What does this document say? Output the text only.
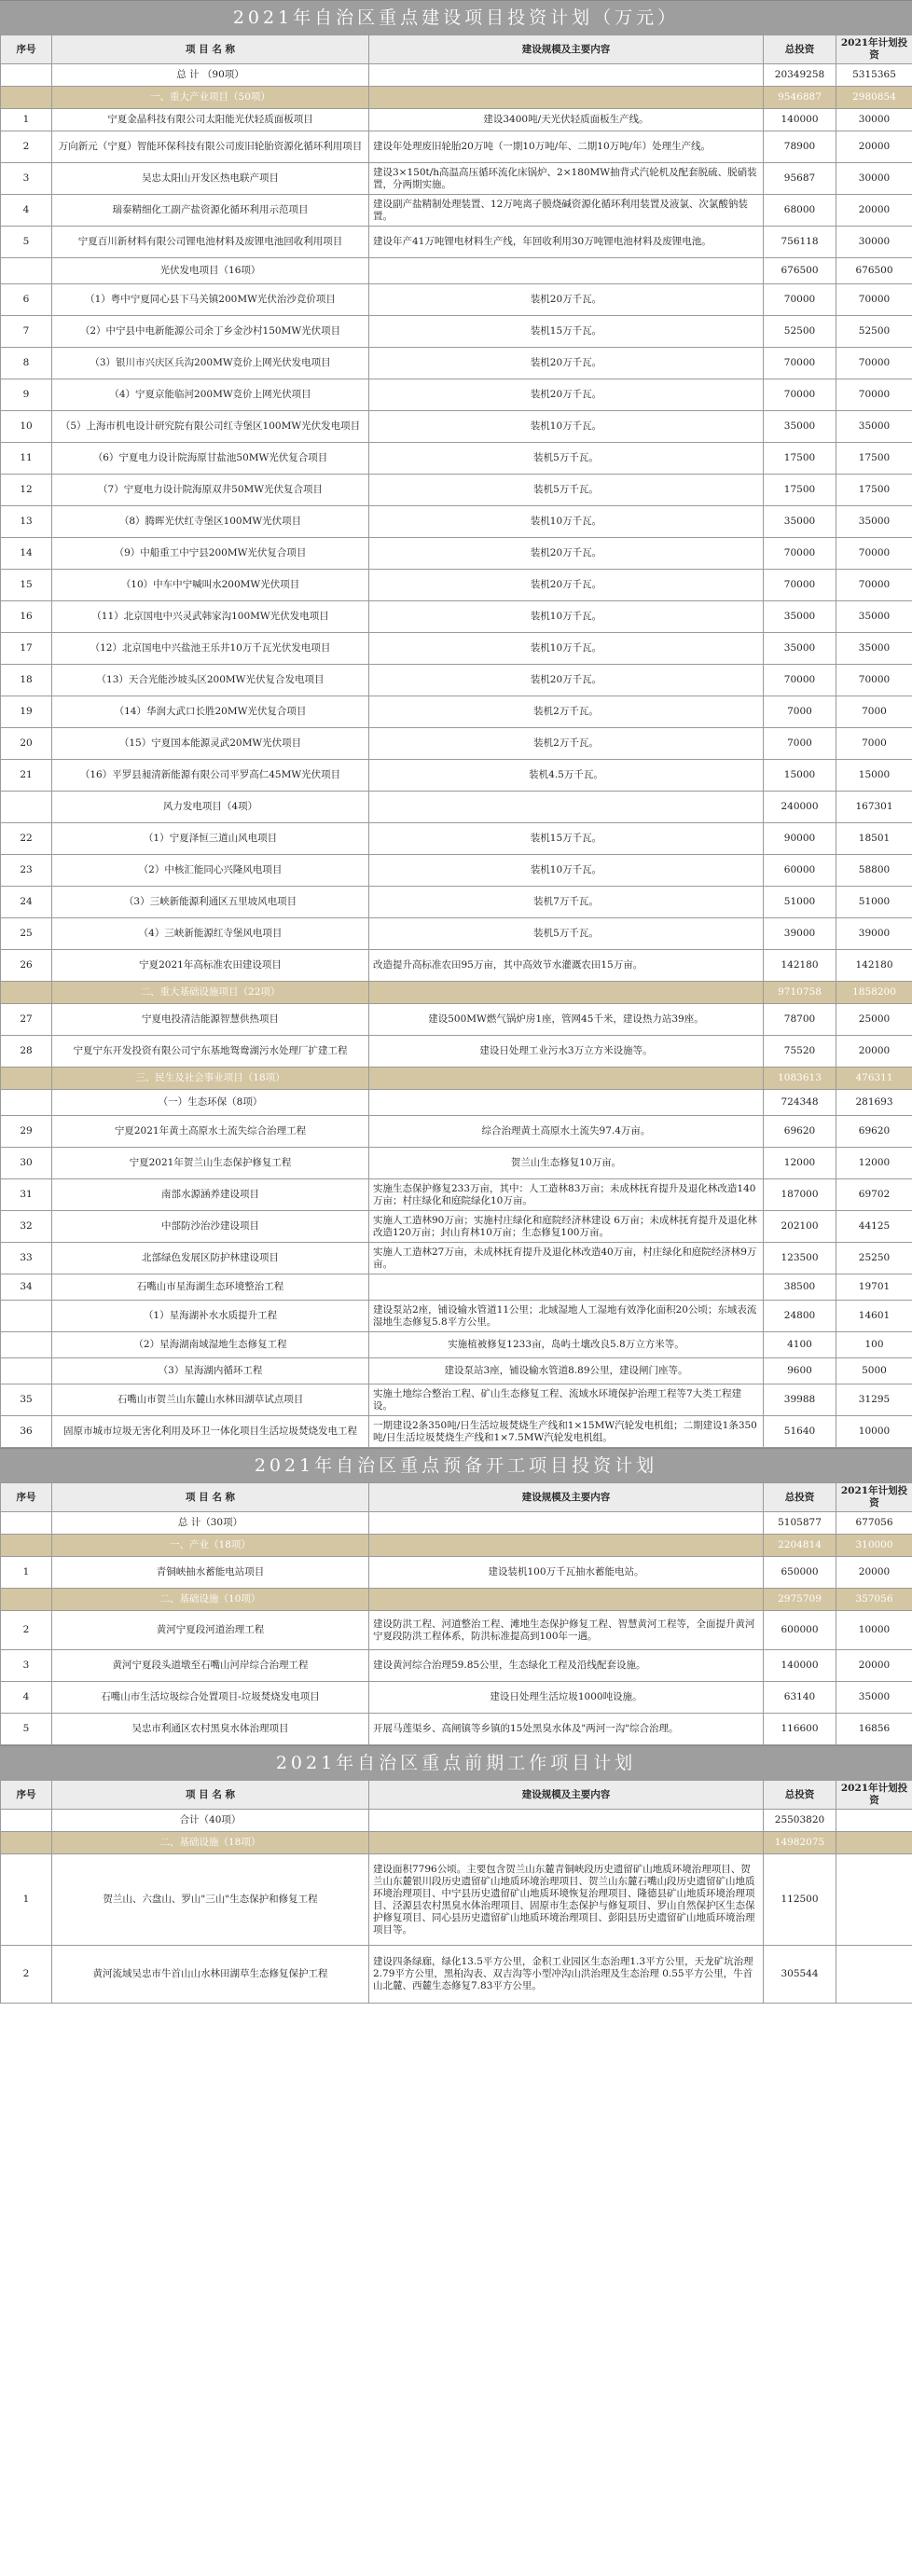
2021年自治区重点建设项目投资计划（万元）
序号	项 目 名 称	建设规模及主要内容	总投资	2021年计划投资
	总 计 （90项）		20349258	5315365
	一、重大产业项目（50项）		9546887	2980854
1	宁夏金晶科技有限公司太阳能光伏轻质面板项目	建设3400吨/天光伏轻质面板生产线。	140000	30000
2	万向新元（宁夏）智能环保科技有限公司废旧轮胎资源化循环利用项目	建设年处理废旧轮胎20万吨（一期10万吨/年、二期10万吨/年）处理生产线。	78900	20000
3	吴忠太阳山开发区热电联产项目	建设3×150t/h高温高压循环流化床锅炉、2×180MW抽背式汽轮机及配套脱硫、脱硝装置，分两期实施。	95687	30000
4	瑞泰精细化工副产盐资源化循环利用示范项目	建设副产盐精制处理装置、12万吨离子膜烧碱资源化循环利用装置及液氯、次氯酸钠装置。	68000	20000
5	宁夏百川新材料有限公司锂电池材料及废锂电池回收利用项目	建设年产41万吨锂电材料生产线，年回收利用30万吨锂电池材料及废锂电池。	756118	30000
	光伏发电项目（16项）		676500	676500
6	（1）粤中宁夏同心县下马关镇200MW光伏治沙竞价项目	装机20万千瓦。	70000	70000
7	（2）中宁县中电新能源公司余丁乡金沙村150MW光伏项目	装机15万千瓦。	52500	52500
8	（3）银川市兴庆区兵沟200MW竞价上网光伏发电项目	装机20万千瓦。	70000	70000
9	（4）宁夏京能临河200MW竞价上网光伏项目	装机20万千瓦。	70000	70000
10	（5）上海市机电设计研究院有限公司红寺堡区100MW光伏发电项目	装机10万千瓦。	35000	35000
11	（6）宁夏电力设计院海原甘盐池50MW光伏复合项目	装机5万千瓦。	17500	17500
12	（7）宁夏电力设计院海原双井50MW光伏复合项目	装机5万千瓦。	17500	17500
13	（8）腾晖光伏红寺堡区100MW光伏项目	装机10万千瓦。	35000	35000
14	（9）中船重工中宁县200MW光伏复合项目	装机20万千瓦。	70000	70000
15	（10）中车中宁喊叫水200MW光伏项目	装机20万千瓦。	70000	70000
16	（11）北京国电中兴灵武韩家沟100MW光伏发电项目	装机10万千瓦。	35000	35000
17	（12）北京国电中兴盐池王乐井10万千瓦光伏发电项目	装机10万千瓦。	35000	35000
18	（13）天合光能沙坡头区200MW光伏复合发电项目	装机20万千瓦。	70000	70000
19	（14）华润大武口长胜20MW光伏复合项目	装机2万千瓦。	7000	7000
20	（15）宁夏国本能源灵武20MW光伏项目	装机2万千瓦。	7000	7000
21	（16）平罗县昶清新能源有限公司平罗高仁45MW光伏项目	装机4.5万千瓦。	15000	15000
	风力发电项目（4项）		240000	167301
22	（1）宁夏泽恒三道山风电项目	装机15万千瓦。	90000	18501
23	（2）中核汇能同心兴隆风电项目	装机10万千瓦。	60000	58800
24	（3）三峡新能源利通区五里坡风电项目	装机7万千瓦。	51000	51000
25	（4）三峡新能源红寺堡风电项目	装机5万千瓦。	39000	39000
26	宁夏2021年高标准农田建设项目	改造提升高标准农田95万亩，其中高效节水灌溉农田15万亩。	142180	142180
	二、重大基础设施项目（22项）		9710758	1858200
27	宁夏电投清洁能源智慧供热项目	建设500MW燃气锅炉房1座，管网45千米，建设热力站39座。	78700	25000
28	宁夏宁东开发投资有限公司宁东基地鸳鸯湖污水处理厂扩建工程	建设日处理工业污水3万立方米设施等。	75520	20000
	三、民生及社会事业项目（18项）		1083613	476311
	（一）生态环保（8项）		724348	281693
29	宁夏2021年黄土高原水土流失综合治理工程	综合治理黄土高原水土流失97.4万亩。	69620	69620
30	宁夏2021年贺兰山生态保护修复工程	贺兰山生态修复10万亩。	12000	12000
31	南部水源涵养建设项目	实施生态保护修复233万亩，其中：人工造林83万亩；未成林抚育提升及退化林改造140万亩；村庄绿化和庭院绿化10万亩。	187000	69702
32	中部防沙治沙建设项目	实施人工造林90万亩；实施村庄绿化和庭院经济林建设 6万亩；未成林抚育提升及退化林改造120万亩；封山育林10万亩；生态修复100万亩。	202100	44125
33	北部绿色发展区防护林建设项目	实施人工造林27万亩，未成林抚育提升及退化林改造40万亩，村庄绿化和庭院经济林9万亩。	123500	25250
34	石嘴山市星海湖生态环境整治工程		38500	19701
	（1）星海湖补水水质提升工程	建设泵站2座，铺设输水管道11公里；北域湿地人工湿地有效净化面积20公顷；东域表流湿地生态修复5.8平方公里。	24800	14601
	（2）星海湖南域湿地生态修复工程	实施植被修复1233亩，岛屿土壤改良5.8万立方米等。	4100	100
	（3）星海湖内循环工程	建设泵站3座，铺设输水管道8.89公里，建设闸门座等。	9600	5000
35	石嘴山市贺兰山东麓山水林田湖草试点项目	实施土地综合整治工程、矿山生态修复工程、流域水环境保护治理工程等7大类工程建设。	39988	31295
36	固原市城市垃圾无害化利用及环卫一体化项目生活垃圾焚烧发电工程	一期建设2条350吨/日生活垃圾焚烧生产线和1×15MW汽轮发电机组；二期建设1条350吨/日生活垃圾焚烧生产线和1×7.5MW汽轮发电机组。	51640	10000
2021年自治区重点预备开工项目投资计划
序号	项 目 名 称	建设规模及主要内容	总投资	2021年计划投资
	总 计（30项）		5105877	677056
	一、产业（18项）		2204814	310000
1	青铜峡抽水蓄能电站项目	建设装机100万千瓦抽水蓄能电站。	650000	20000
	二、基础设施（10项）		2975709	357056
2	黄河宁夏段河道治理工程	建设防洪工程、河道整治工程、滩地生态保护修复工程、智慧黄河工程等，全面提升黄河宁夏段防洪工程体系，防洪标准提高到100年一遇。	600000	10000
3	黄河宁夏段头道墩至石嘴山河岸综合治理工程	建设黄河综合治理59.85公里，生态绿化工程及沿线配套设施。	140000	20000
4	石嘴山市生活垃圾综合处置项目-垃圾焚烧发电项目	建设日处理生活垃圾1000吨设施。	63140	35000
5	吴忠市利通区农村黑臭水体治理项目	开展马莲渠乡、高闸镇等乡镇的15处黑臭水体及"两河一沟"综合治理。	116600	16856
2021年自治区重点前期工作项目计划
序号	项 目 名 称	建设规模及主要内容	总投资	2021年计划投资
	合计（40项）		25503820	
	二、基础设施（18项）		14982075	
1	贺兰山、六盘山、罗山"三山"生态保护和修复工程	建设面积7796公顷。主要包含贺兰山东麓青铜峡段历史遗留矿山地质环境治理项目、贺兰山东麓银川段历史遗留矿山地质环境治理项目、贺兰山东麓石嘴山段历史遗留矿山地质环境治理项目、中宁县历史遗留矿山地质环境恢复治理项目、隆德县矿山地质环境治理项目、泾源县农村黑臭水体治理项目、固原市生态保护与修复项目、罗山自然保护区生态保护修复项目、同心县历史遗留矿山地质环境治理项目、彭阳县历史遗留矿山地质环境治理项目等。	112500	
2	黄河流域吴忠市牛首山山水林田湖草生态修复保护工程	建设四条绿廊，绿化13.5平方公里，金积工业园区生态治理1.3平方公里，天龙矿坑治理2.79平方公里，黑桕沟表、双吉沟等小型冲沟山洪治理及生态治理 0.55平方公里，牛首山北麓、西麓生态修复7.83平方公里。	305544	
